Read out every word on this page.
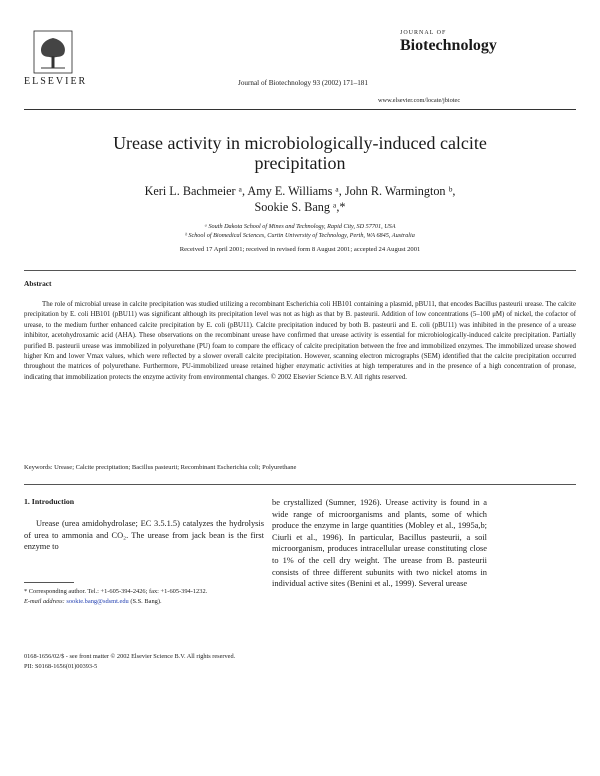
ELSEVIER	Journal of Biotechnology 93 (2002) 171–181
JOURNAL OF
Biotechnology
www.elsevier.com/locate/jbiotec
Urease activity in microbiologically-induced calcite
precipitation
Keri L. Bachmeier ᵃ, Amy E. Williams ᵃ, John R. Warmington ᵇ,
Sookie S. Bang ᵃ,*
ᵃ South Dakota School of Mines and Technology, Rapid City, SD 57701, USA
ᵇ School of Biomedical Sciences, Curtin University of Technology, Perth, WA 6845, Australia
Received 17 April 2001; received in revised form 8 August 2001; accepted 24 August 2001
Abstract
The role of microbial urease in calcite precipitation was studied utilizing a recombinant Escherichia coli HB101 containing a plasmid, pBU11, that encodes Bacillus pasteurii urease. The calcite precipitation by E. coli HB101 (pBU11) was significant although its precipitation level was not as high as that by B. pasteurii. Addition of low concentrations (5–100 μM) of nickel, the cofactor of urease, to the medium further enhanced calcite precipitation by E. coli (pBU11). Calcite precipitation induced by both B. pasteurii and E. coli (pBU11) was inhibited in the presence of a urease inhibitor, acetohydroxamic acid (AHA). These observations on the recombinant urease have confirmed that urease activity is essential for microbiologically-induced calcite precipitation. Partially purified B. pasteurii urease was immobilized in polyurethane (PU) foam to compare the efficacy of calcite precipitation between the free and immobilized enzymes. The immobilized urease showed higher Km and lower Vmax values, which were reflected by a slower overall calcite precipitation. However, scanning electron micrographs (SEM) identified that the calcite precipitation occurred throughout the matrices of polyurethane. Furthermore, PU-immobilized urease retained higher enzymatic activities at high temperatures and in the presence of a high concentration of pronase, indicating that immobilization protects the enzyme activity from environmental changes. © 2002 Elsevier Science B.V. All rights reserved.
Keywords: Urease; Calcite precipitation; Bacillus pasteurii; Recombinant Escherichia coli; Polyurethane
1. Introduction
Urease (urea amidohydrolase; EC 3.5.1.5) catalyzes the hydrolysis of urea to ammonia and CO₂. The urease from jack bean is the first enzyme to
be crystallized (Sumner, 1926). Urease activity is found in a wide range of microorganisms and plants, some of which produce the enzyme in large quantities (Mobley et al., 1995a,b; Ciurli et al., 1996). In particular, Bacillus pasteurii, a soil microorganism, produces intracellular urease constituting close to 1% of the cell dry weight. The urease from B. pasteurii consists of three different subunits with two nickel atoms in individual active sites (Benini et al., 1999). Several urease
* Corresponding author. Tel.: +1-605-394-2426; fax: +1-605-394-1232.
E-mail address: sookie.bang@sdsmt.edu (S.S. Bang).
0168-1656/02/$ - see front matter © 2002 Elsevier Science B.V. All rights reserved.
PII: S0168-1656(01)00393-5
